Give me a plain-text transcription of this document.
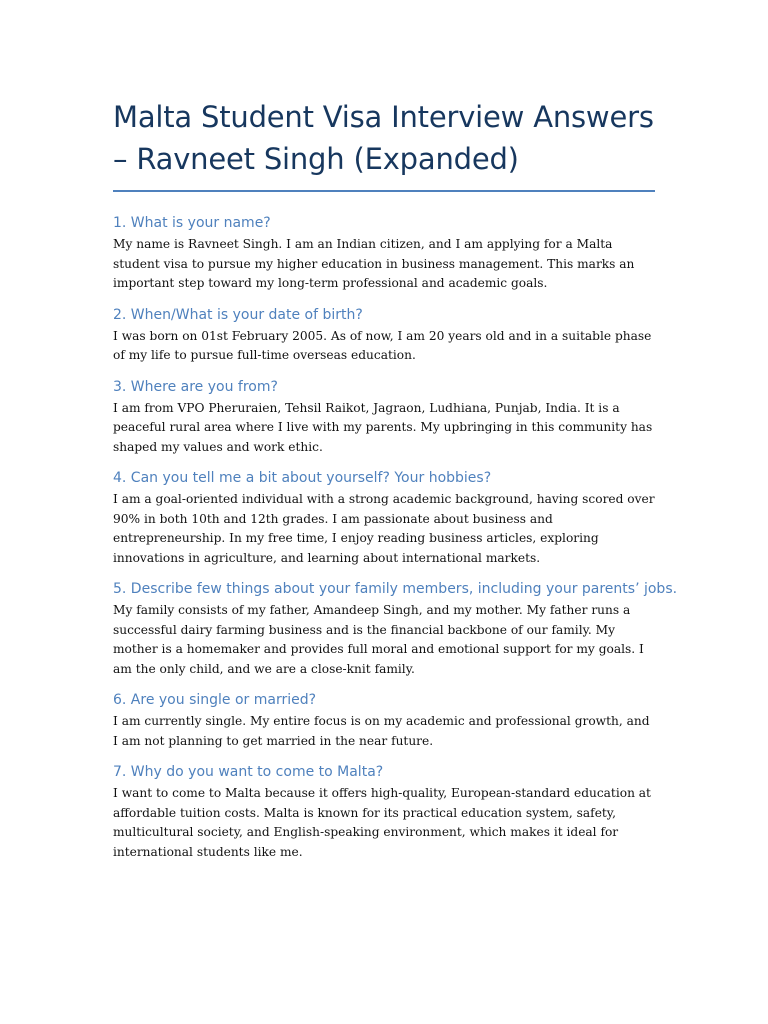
Malta Student Visa Interview Answers – Ravneet Singh (Expanded)
1. What is your name?

My name is Ravneet Singh. I am an Indian citizen, and I am applying for a Malta student visa to pursue my higher education in business management. This marks an important step toward my long-term professional and academic goals.

2. When/What is your date of birth?

I was born on 01st February 2005. As of now, I am 20 years old and in a suitable phase of my life to pursue full-time overseas education.

3. Where are you from?

I am from VPO Pheruraien, Tehsil Raikot, Jagraon, Ludhiana, Punjab, India. It is a peaceful rural area where I live with my parents. My upbringing in this community has shaped my values and work ethic.

4. Can you tell me a bit about yourself? Your hobbies?

I am a goal-oriented individual with a strong academic background, having scored over 90% in both 10th and 12th grades. I am passionate about business and entrepreneurship. In my free time, I enjoy reading business articles, exploring innovations in agriculture, and learning about international markets.

5. Describe few things about your family members, including your parents’ jobs.

My family consists of my father, Amandeep Singh, and my mother. My father runs a successful dairy farming business and is the financial backbone of our family. My mother is a homemaker and provides full moral and emotional support for my goals. I am the only child, and we are a close-knit family.

6. Are you single or married?

I am currently single. My entire focus is on my academic and professional growth, and I am not planning to get married in the near future.

7. Why do you want to come to Malta?

I want to come to Malta because it offers high-quality, European-standard education at affordable tuition costs. Malta is known for its practical education system, safety, multicultural society, and English-speaking environment, which makes it ideal for international students like me.
